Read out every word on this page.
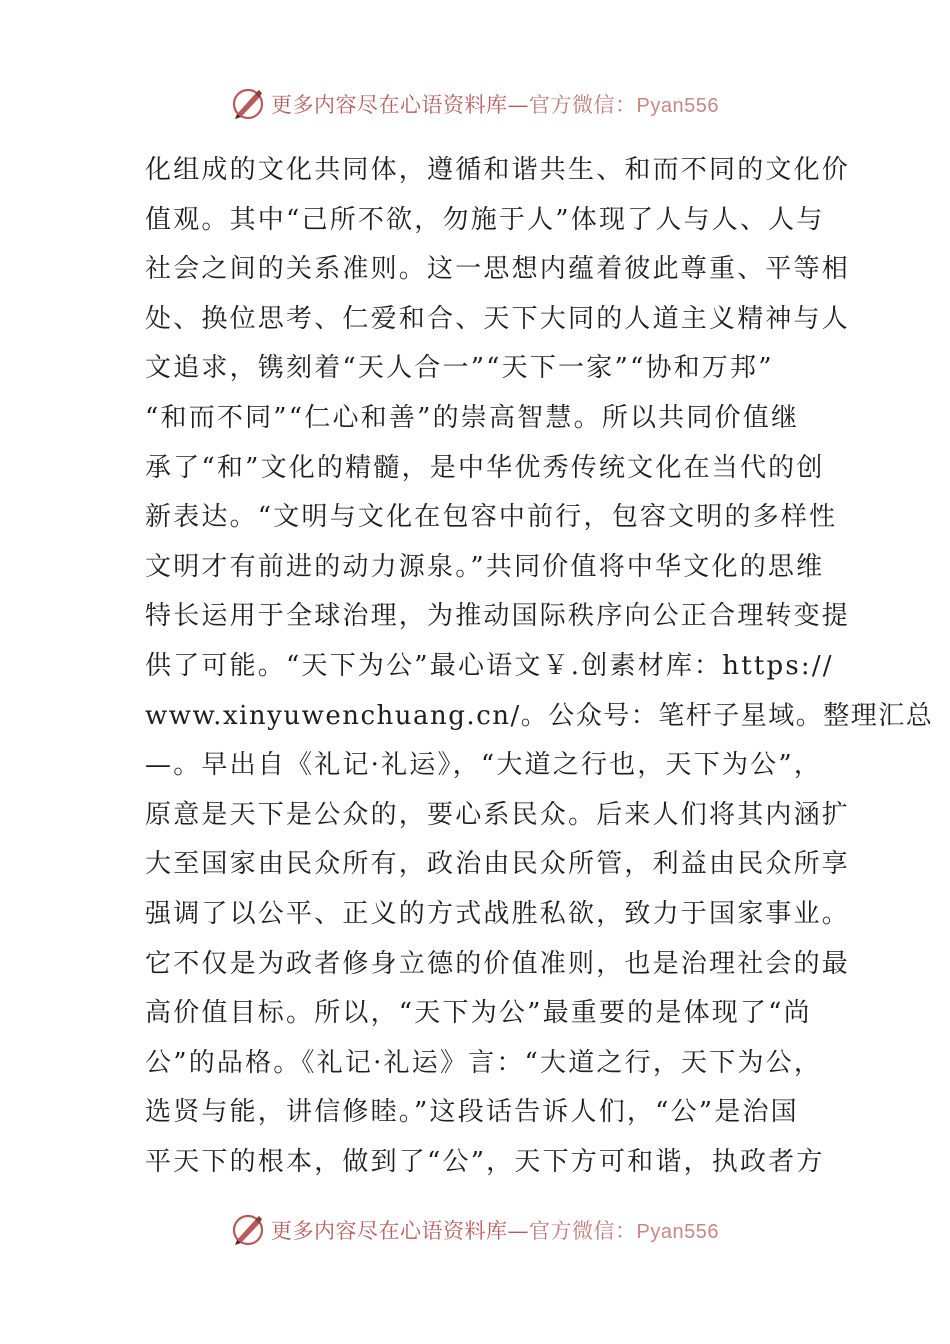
更多内容尽在心语资料库—官方微信：Pyan556
化组成的文化共同体，遵循和谐共生、和而不同的文化价
值观。其中“己所不欲，勿施于人”体现了人与人、人与
社会之间的关系准则。这一思想内蕴着彼此尊重、平等相
处、换位思考、仁爱和合、天下大同的人道主义精神与人
文追求，镌刻着“天人合一”“天下一家”“协和万邦”
“和而不同”“仁心和善”的崇高智慧。所以共同价值继
承了“和”文化的精髓，是中华优秀传统文化在当代的创
新表达。“文明与文化在包容中前行，包容文明的多样性
文明才有前进的动力源泉。”共同价值将中华文化的思维
特长运用于全球治理，为推动国际秩序向公正合理转变提
供了可能。“天下为公”最心语文￥.创素材库：https://
www.xinyuwenchuang.cn/。公众号：笔杆子星域。整理汇总
—。早出自《礼记·礼运》，“大道之行也，天下为公”，
原意是天下是公众的，要心系民众。后来人们将其内涵扩
大至国家由民众所有，政治由民众所管，利益由民众所享
强调了以公平、正义的方式战胜私欲，致力于国家事业。
它不仅是为政者修身立德的价值准则，也是治理社会的最
高价值目标。所以，“天下为公”最重要的是体现了“尚
公”的品格。《礼记·礼运》言：“大道之行，天下为公，
选贤与能，讲信修睦。”这段话告诉人们，“公”是治国
平天下的根本，做到了“公”，天下方可和谐，执政者方
更多内容尽在心语资料库—官方微信：Pyan556
